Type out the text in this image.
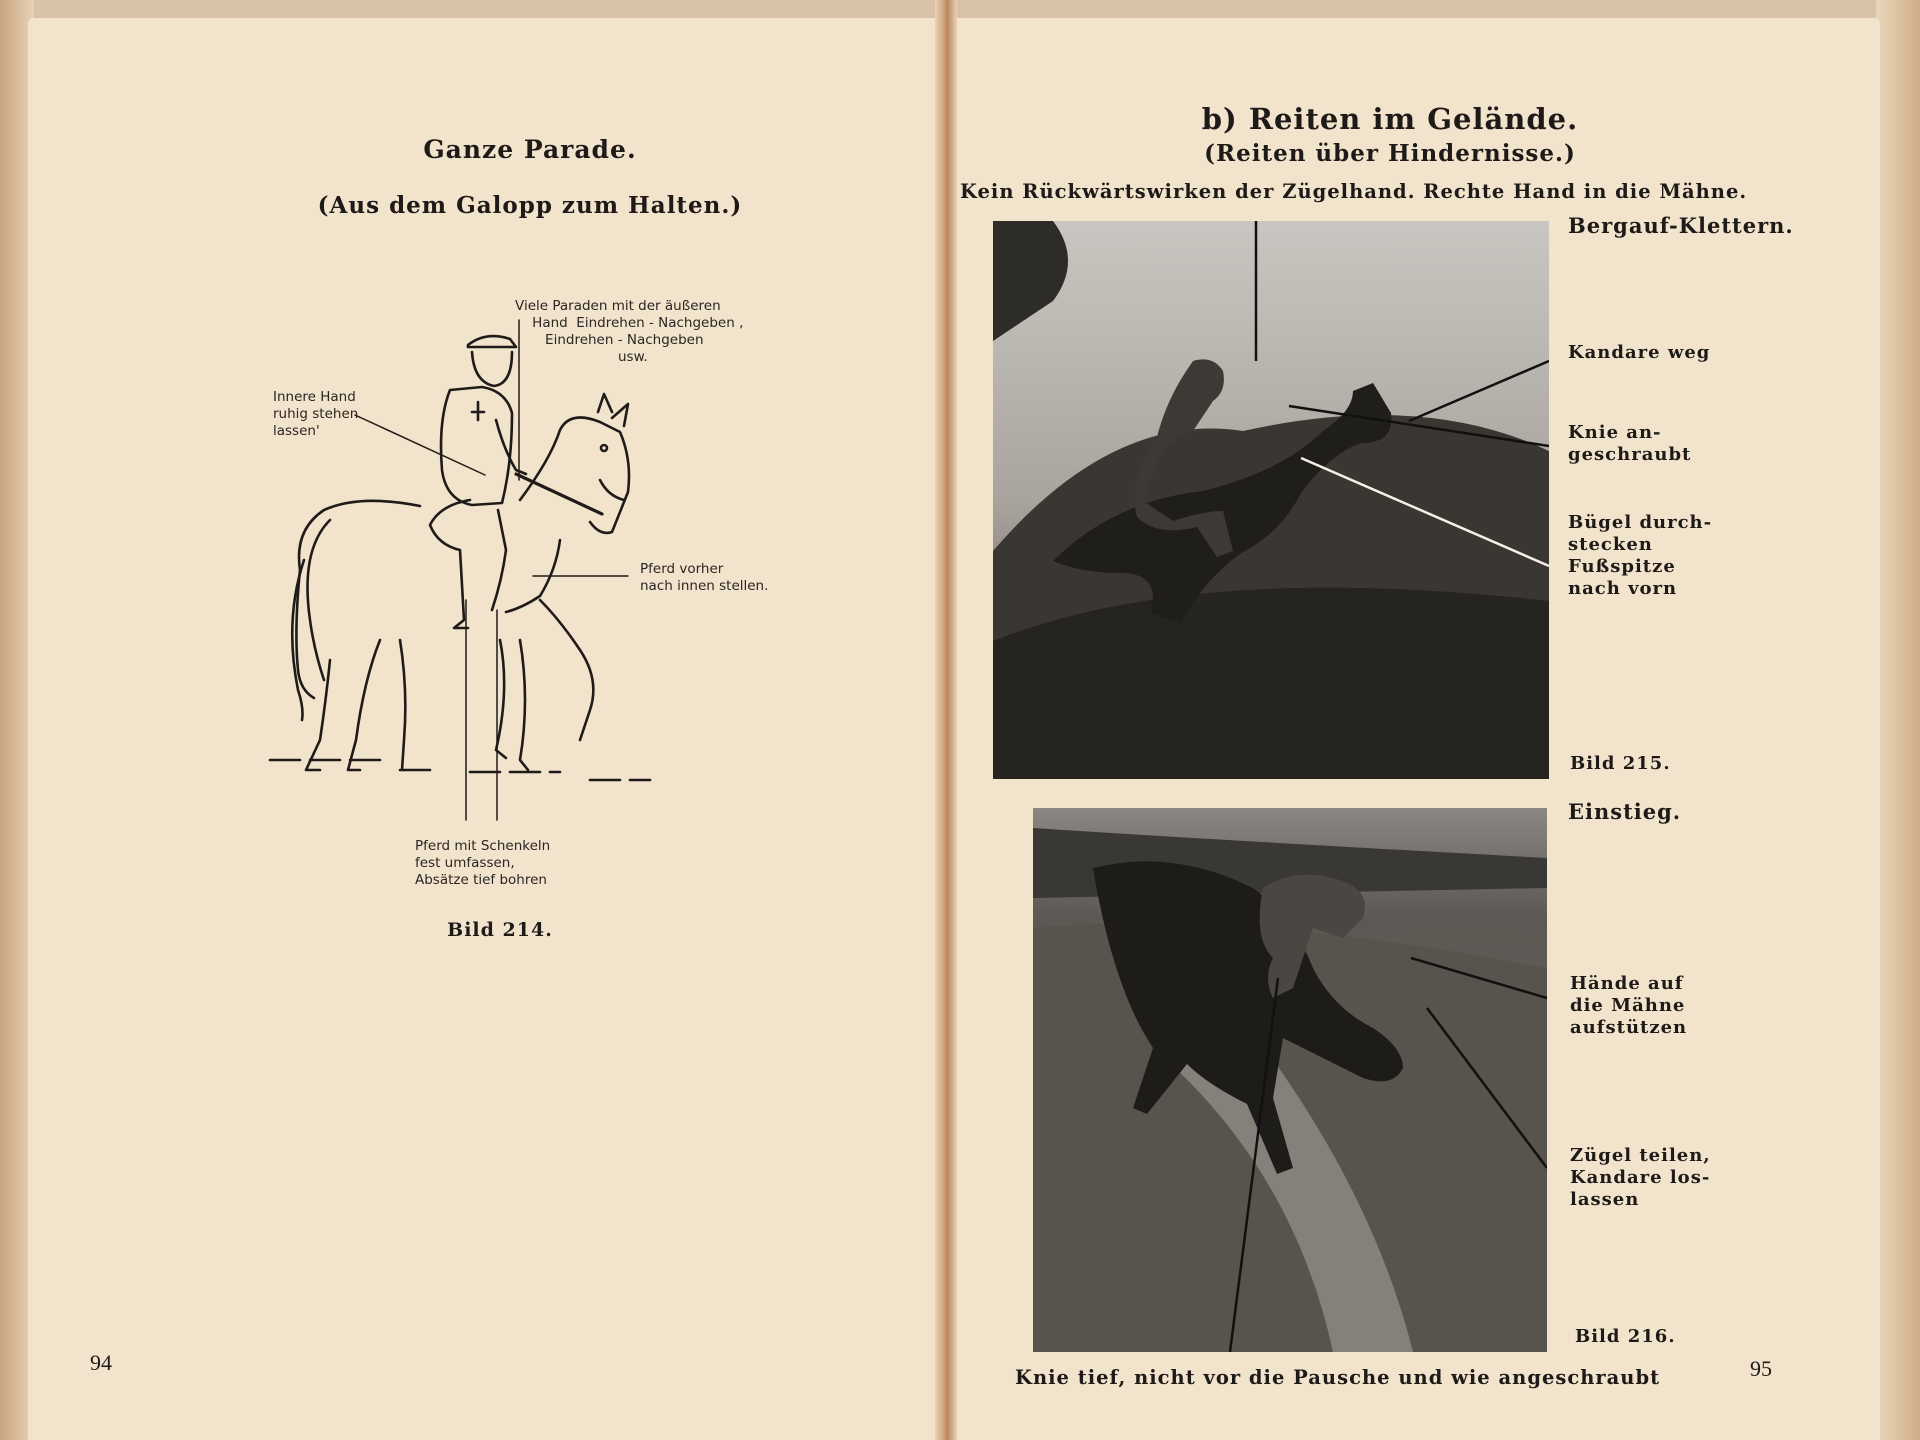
Ganze Parade.
(Aus dem Galopp zum Halten.)
Viele Paraden mit der äußeren
Hand  Eindrehen - Nachgeben ,
Eindrehen - Nachgeben
usw.
Innere Hand
ruhig stehen
lassen'
Pferd vorher
nach innen stellen.
Pferd mit Schenkeln
fest umfassen,
Absätze tief bohren
Bild 214.
94
b) Reiten im Gelände.
(Reiten über Hindernisse.)
Kein Rückwärtswirken der Zügelhand. Rechte Hand in die Mähne.
Bergauf-Klettern.
Kandare weg
Knie an-
geschraubt
Bügel durch-
stecken
Fußspitze
nach vorn
Bild 215.
Einstieg.
Hände auf
die Mähne
aufstützen
Zügel teilen,
Kandare los-
lassen
Bild 216.
Knie tief, nicht vor die Pausche und wie angeschraubt	95
